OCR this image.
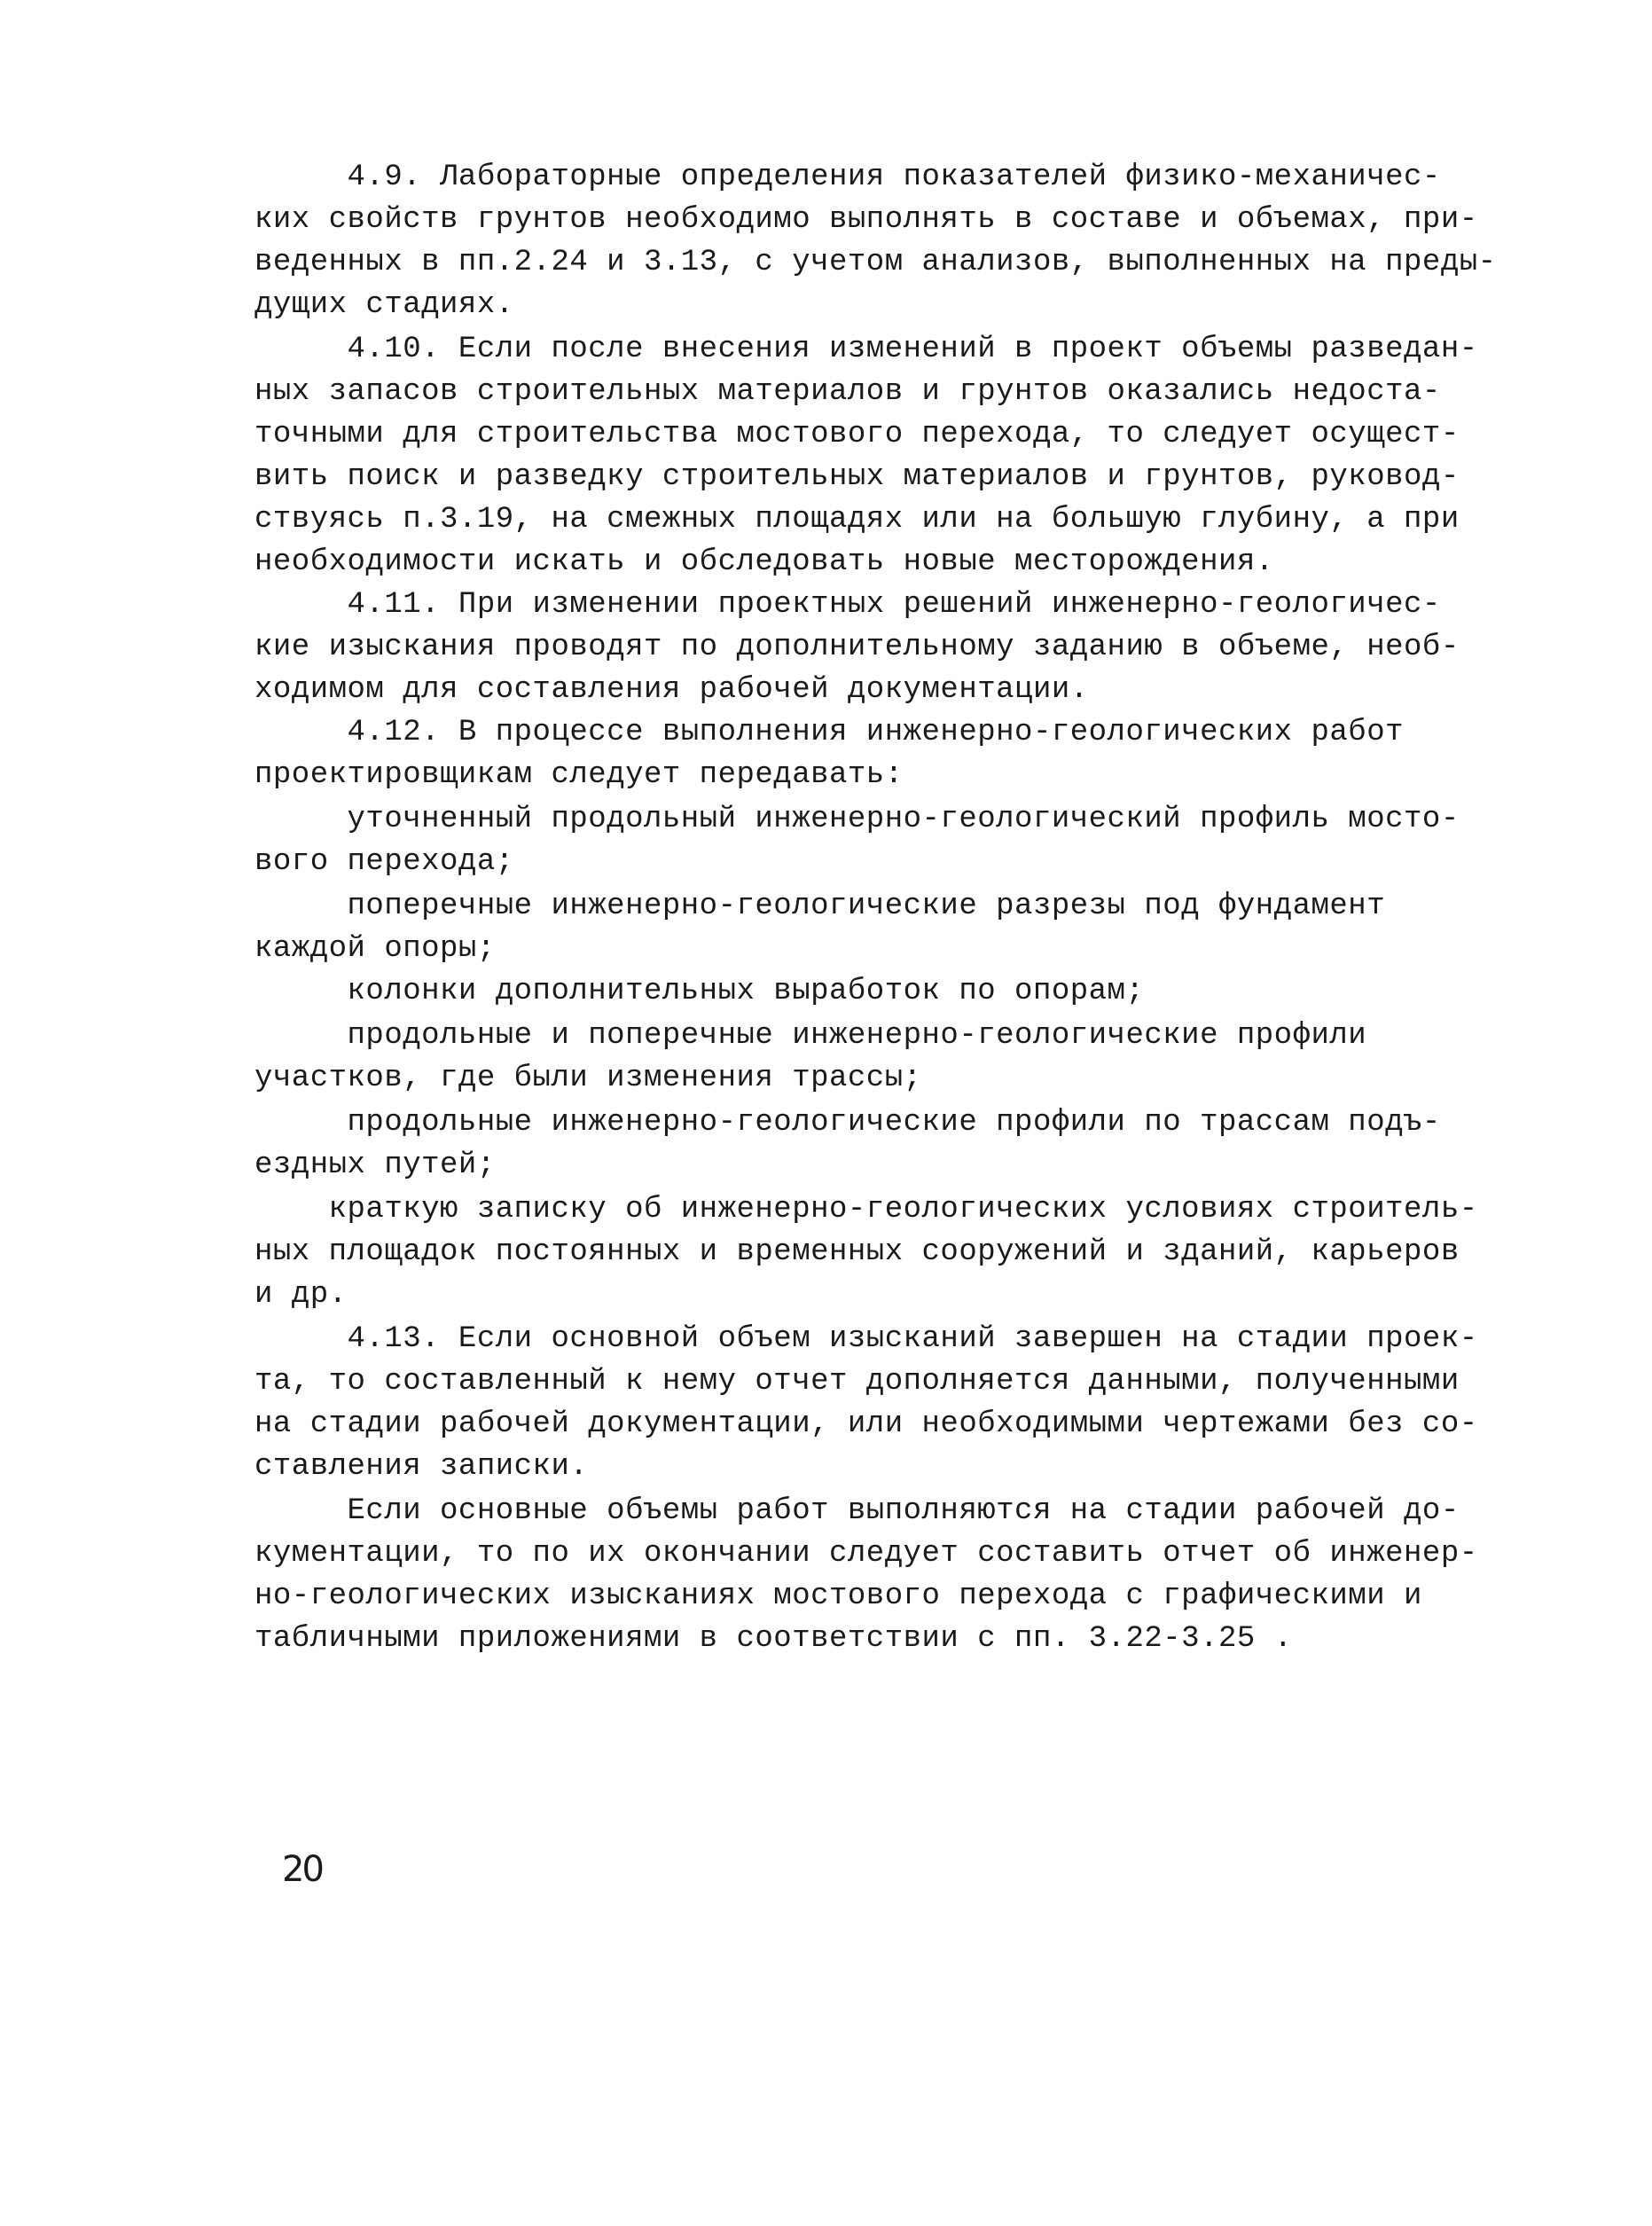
4.9. Лабораторные определения показателей физико-механичес-
ких свойств грунтов необходимо выполнять в составе и объемах, при-
веденных в пп.2.24 и 3.13, с учетом анализов, выполненных на преды-
дущих стадиях.
4.10. Если после внесения изменений в проект объемы разведан-
ных запасов строительных материалов и грунтов оказались недоста-
точными для строительства мостового перехода, то следует осущест-
вить поиск и разведку строительных материалов и грунтов, руковод-
ствуясь п.3.19, на смежных площадях или на большую глубину, а при
необходимости искать и обследовать новые месторождения.
4.11. При изменении проектных решений инженерно-геологичес-
кие изыскания проводят по дополнительному заданию в объеме, необ-
ходимом для составления рабочей документации.
4.12. В процессе выполнения инженерно-геологических работ
проектировщикам следует передавать:
уточненный продольный инженерно-геологический профиль мосто-
вого перехода;
поперечные инженерно-геологические разрезы под фундамент
каждой опоры;
колонки дополнительных выработок по опорам;
продольные и поперечные инженерно-геологические профили
участков, где были изменения трассы;
продольные инженерно-геологические профили по трассам подъ-
ездных путей;
краткую записку об инженерно-геологических условиях строитель-
ных площадок постоянных и временных сооружений и зданий, карьеров
и др.
4.13. Если основной объем изысканий завершен на стадии проек-
та, то составленный к нему отчет дополняется данными, полученными
на стадии рабочей документации, или необходимыми чертежами без со-
ставления записки.
Если основные объемы работ выполняются на стадии рабочей до-
кументации, то по их окончании следует составить отчет об инженер-
но-геологических изысканиях мостового перехода с графическими и
табличными приложениями в соответствии с пп. 3.22-3.25 .
20
